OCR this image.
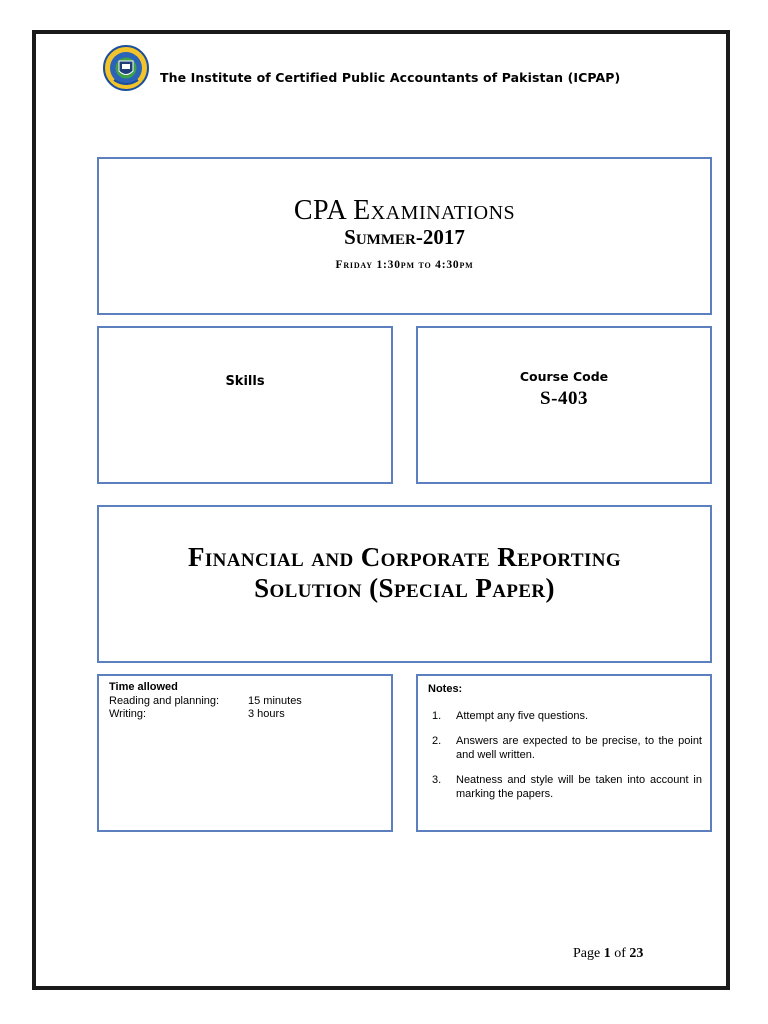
The Institute of Certified Public Accountants of Pakistan (ICPAP)
CPA Examinations
Summer-2017
Friday 1:30pm to 4:30pm
Skills	Course Code
S-403
Financial and Corporate Reporting
Solution (Special Paper)
Time allowed
Reading and planning:	15 minutes
Writing:	3 hours
Notes:
1. Attempt any five questions.
2. Answers are expected to be precise, to the point and well written.
3. Neatness and style will be taken into account in marking the papers.
Page 1 of 23
